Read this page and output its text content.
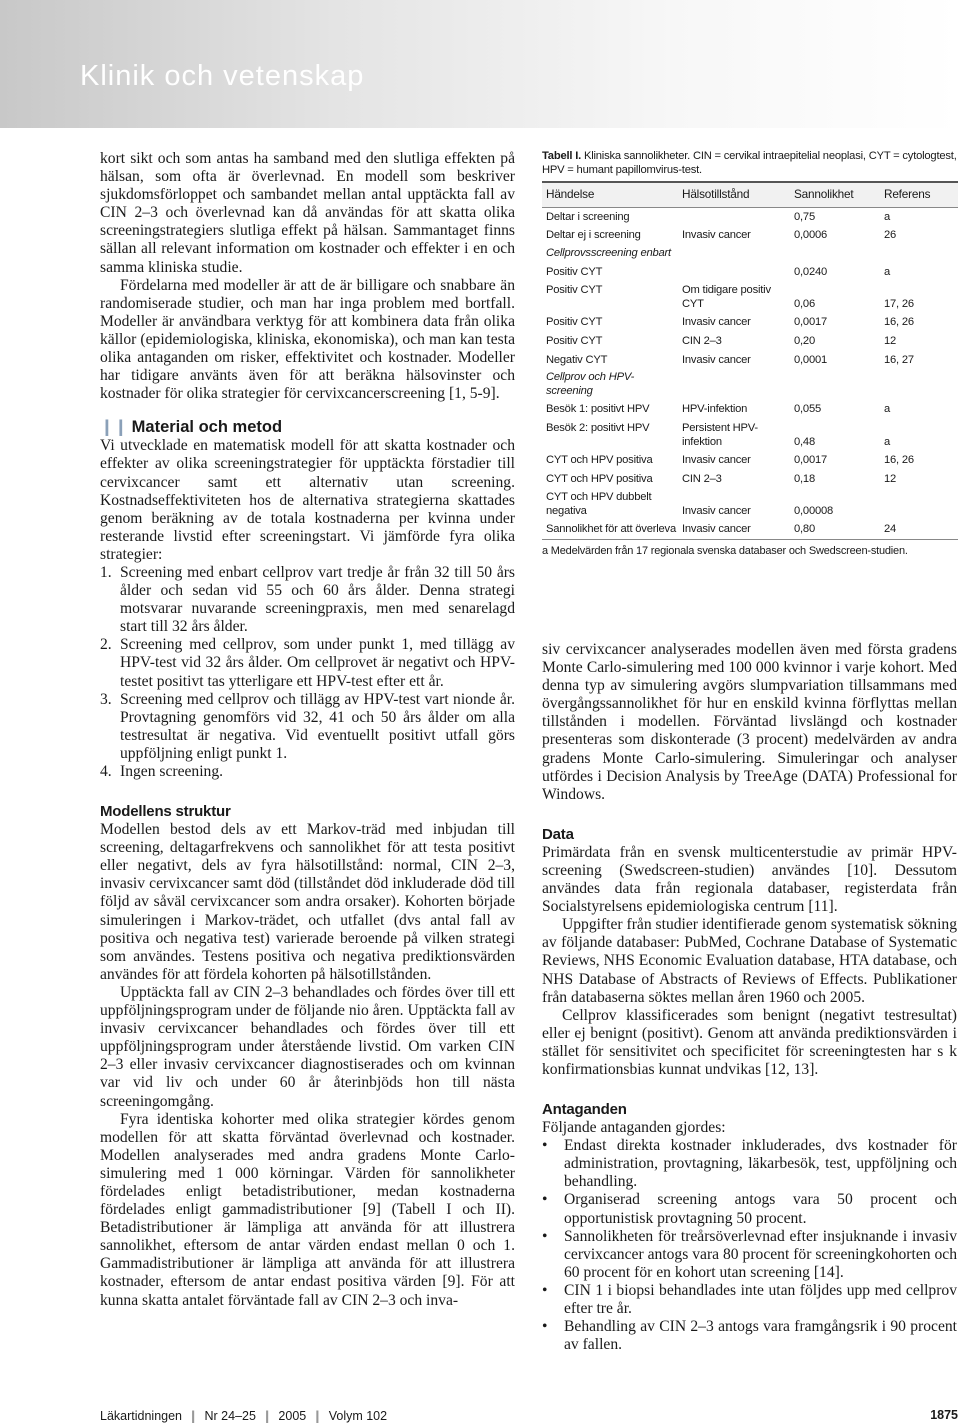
Klinik och vetenskap

kort sikt och som antas ha samband med den slutliga effekten på hälsan, som ofta är överlevnad. En modell som beskriver sjukdomsförloppet och sambandet mellan antal upptäckta fall av CIN 2–3 och överlevnad kan då användas för att skatta olika screeningstrategiers slutliga effekt på hälsan. Sammantaget finns sällan all relevant information om kostnader och effekter i en och samma kliniska studie.

Fördelarna med modeller är att de är billigare och snabbare än randomiserade studier, och man har inga problem med bortfall. Modeller är användbara verktyg för att kombinera data från olika källor (epidemiologiska, kliniska, ekonomiska), och man kan testa olika antaganden om risker, effektivitet och kostnader. Modeller har tidigare använts även för att beräkna hälsovinster och kostnader för olika strategier för cervixcancerscreening [1, 5-9].

❙❙ Material och metod

Vi utvecklade en matematisk modell för att skatta kostnader och effekter av olika screeningstrategier för upptäckta förstadier till cervixcancer samt ett alternativ utan screening. Kostnadseffektiviteten hos de alternativa strategierna skattades genom beräkning av de totala kostnaderna per kvinna under resterande livstid efter screeningstart. Vi jämförde fyra olika strategier:

1. Screening med enbart cellprov vart tredje år från 32 till 50 års ålder och sedan vid 55 och 60 års ålder. Denna strategi motsvarar nuvarande screeningpraxis, men med senarelagd start till 32 års ålder.
2. Screening med cellprov, som under punkt 1, med tillägg av HPV-test vid 32 års ålder. Om cellprovet är negativt och HPV-testet positivt tas ytterligare ett HPV-test efter ett år.
3. Screening med cellprov och tillägg av HPV-test vart nionde år. Provtagning genomförs vid 32, 41 och 50 års ålder om alla testresultat är negativa. Vid eventuellt positivt utfall görs uppföljning enligt punkt 1.
4. Ingen screening.
Modellens struktur

Modellen bestod dels av ett Markov-träd med inbjudan till screening, deltagarfrekvens och sannolikhet för att testa positivt eller negativt, dels av fyra hälsotillstånd: normal, CIN 2–3, invasiv cervixcancer samt död (tillståndet död inkluderade död till följd av såväl cervixcancer som andra orsaker). Kohorten började simuleringen i Markov-trädet, och utfallet (dvs antal fall av positiva och negativa test) varierade beroende på vilken strategi som användes. Testens positiva och negativa prediktionsvärden användes för att fördela kohorten på hälsotillstånden.

Upptäckta fall av CIN 2–3 behandlades och fördes över till ett uppföljningsprogram under de följande nio åren. Upptäckta fall av invasiv cervixcancer behandlades och fördes över till ett uppföljningsprogram under återstående livstid. Om varken CIN 2–3 eller invasiv cervixcancer diagnostiserades och om kvinnan var vid liv och under 60 år återinbjöds hon till nästa screeningomgång.

Fyra identiska kohorter med olika strategier kördes genom modellen för att skatta förväntad överlevnad och kostnader. Modellen analyserades med andra gradens Monte Carlo-simulering med 1 000 körningar. Värden för sannolikheter fördelades enligt betadistributioner, medan kostnaderna fördelades enligt gammadistributioner [9] (Tabell I och II). Betadistributioner är lämpliga att använda för att illustrera sannolikhet, eftersom de antar värden endast mellan 0 och 1. Gammadistributioner är lämpliga att använda för att illustrera kostnader, eftersom de antar endast positiva värden [9]. För att kunna skatta antalet förväntade fall av CIN 2–3 och inva-

Tabell I. Kliniska sannolikheter. CIN = cervikal intraepitelial neoplasi, CYT = cytologtest, HPV = humant papillomvirus-test.

Händelse	Hälsotillstånd	Sannolikhet	Referens
Deltar i screening		0,75	a
Deltar ej i screening	Invasiv cancer	0,0006	26
Cellprovsscreening enbart			
Positiv CYT		0,0240	a
Positiv CYT	Om tidigare positiv CYT	0,06	17, 26
Positiv CYT	Invasiv cancer	0,0017	16, 26
Positiv CYT	CIN 2–3	0,20	12
Negativ CYT	Invasiv cancer	0,0001	16, 27
Cellprov och HPV-screening			
Besök 1: positivt HPV	HPV-infektion	0,055	a
Besök 2: positivt HPV	Persistent HPV-infektion	0,48	a
CYT och HPV positiva	Invasiv cancer	0,0017	16, 26
CYT och HPV positiva	CIN 2–3	0,18	12
CYT och HPV dubbelt negativa	Invasiv cancer	0,00008	
Sannolikhet för att överleva	Invasiv cancer	0,80	24

a Medelvärden från 17 regionala svenska databaser och Swedscreen-studien.

siv cervixcancer analyserades modellen även med första gradens Monte Carlo-simulering med 100 000 kvinnor i varje kohort. Med denna typ av simulering avgörs slumpvariation tillsammans med övergångssannolikhet för hur en enskild kvinna förflyttas mellan tillstånden i modellen. Förväntad livslängd och kostnader presenteras som diskonterade (3 procent) medelvärden av andra gradens Monte Carlo-simulering. Simuleringar och analyser utfördes i Decision Analysis by TreeAge (DATA) Professional for Windows.

Data

Primärdata från en svensk multicenterstudie av primär HPV-screening (Swedscreen-studien) användes [10]. Dessutom användes data från regionala databaser, registerdata från Socialstyrelsens epidemiologiska centrum [11].

Uppgifter från studier identifierade genom systematisk sökning av följande databaser: PubMed, Cochrane Database of Systematic Reviews, NHS Economic Evaluation database, HTA database, och NHS Database of Abstracts of Reviews of Effects. Publikationer från databaserna söktes mellan åren 1960 och 2005.

Cellprov klassificerades som benignt (negativt testresultat) eller ej benignt (positivt). Genom att använda prediktionsvärden i stället för sensitivitet och specificitet för screeningtesten har s k konfirmationsbias kunnat undvikas [12, 13].

Antaganden

Följande antaganden gjordes:

• Endast direkta kostnader inkluderades, dvs kostnader för administration, provtagning, läkarbesök, test, uppföljning och behandling.
• Organiserad screening antogs vara 50 procent och opportunistisk provtagning 50 procent.
• Sannolikheten för treårsöverlevnad efter insjuknande i invasiv cervixcancer antogs vara 80 procent för screeningkohorten och 60 procent för en kohort utan screening [14].
• CIN 1 i biopsi behandlades inte utan följdes upp med cellprov efter tre år.
• Behandling av CIN 2–3 antogs vara framgångsrik i 90 procent av fallen.
Läkartidningen ❙ Nr 24–25 ❙ 2005 ❙ Volym 102	1875
